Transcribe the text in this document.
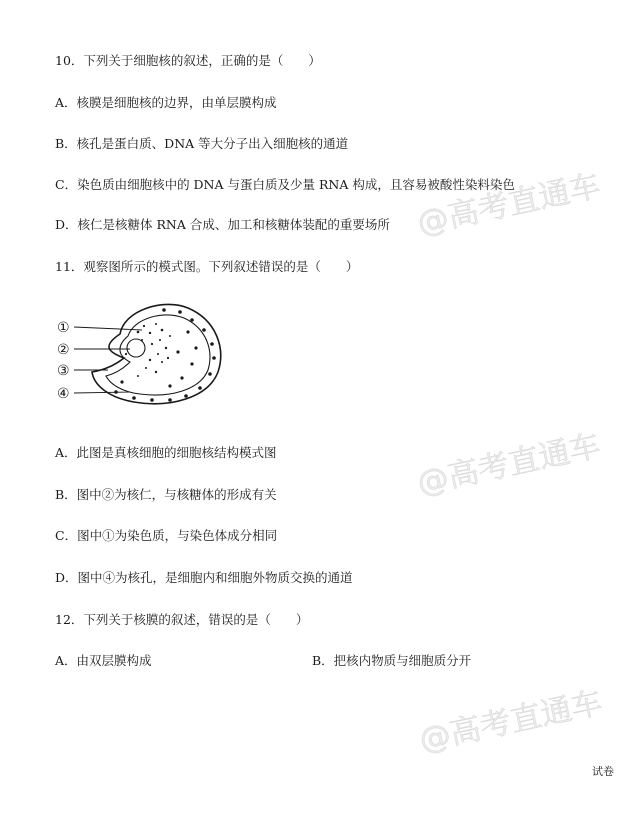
10．下列关于细胞核的叙述，正确的是（　　）
A．核膜是细胞核的边界，由单层膜构成
B．核孔是蛋白质、DNA 等大分子出入细胞核的通道
C．染色质由细胞核中的 DNA 与蛋白质及少量 RNA 构成，且容易被酸性染料染色
D．核仁是核糖体 RNA 合成、加工和核糖体装配的重要场所
11．观察图所示的模式图。下列叙述错误的是（　　）
①
②
③
④
A．此图是真核细胞的细胞核结构模式图
B．图中②为核仁，与核糖体的形成有关
C．图中①为染色质，与染色体成分相同
D．图中④为核孔，是细胞内和细胞外物质交换的通道
12．下列关于核膜的叙述，错误的是（　　）
A．由双层膜构成	B．把核内物质与细胞质分开
@高考直通车
@高考直通车
@高考直通车
试卷
